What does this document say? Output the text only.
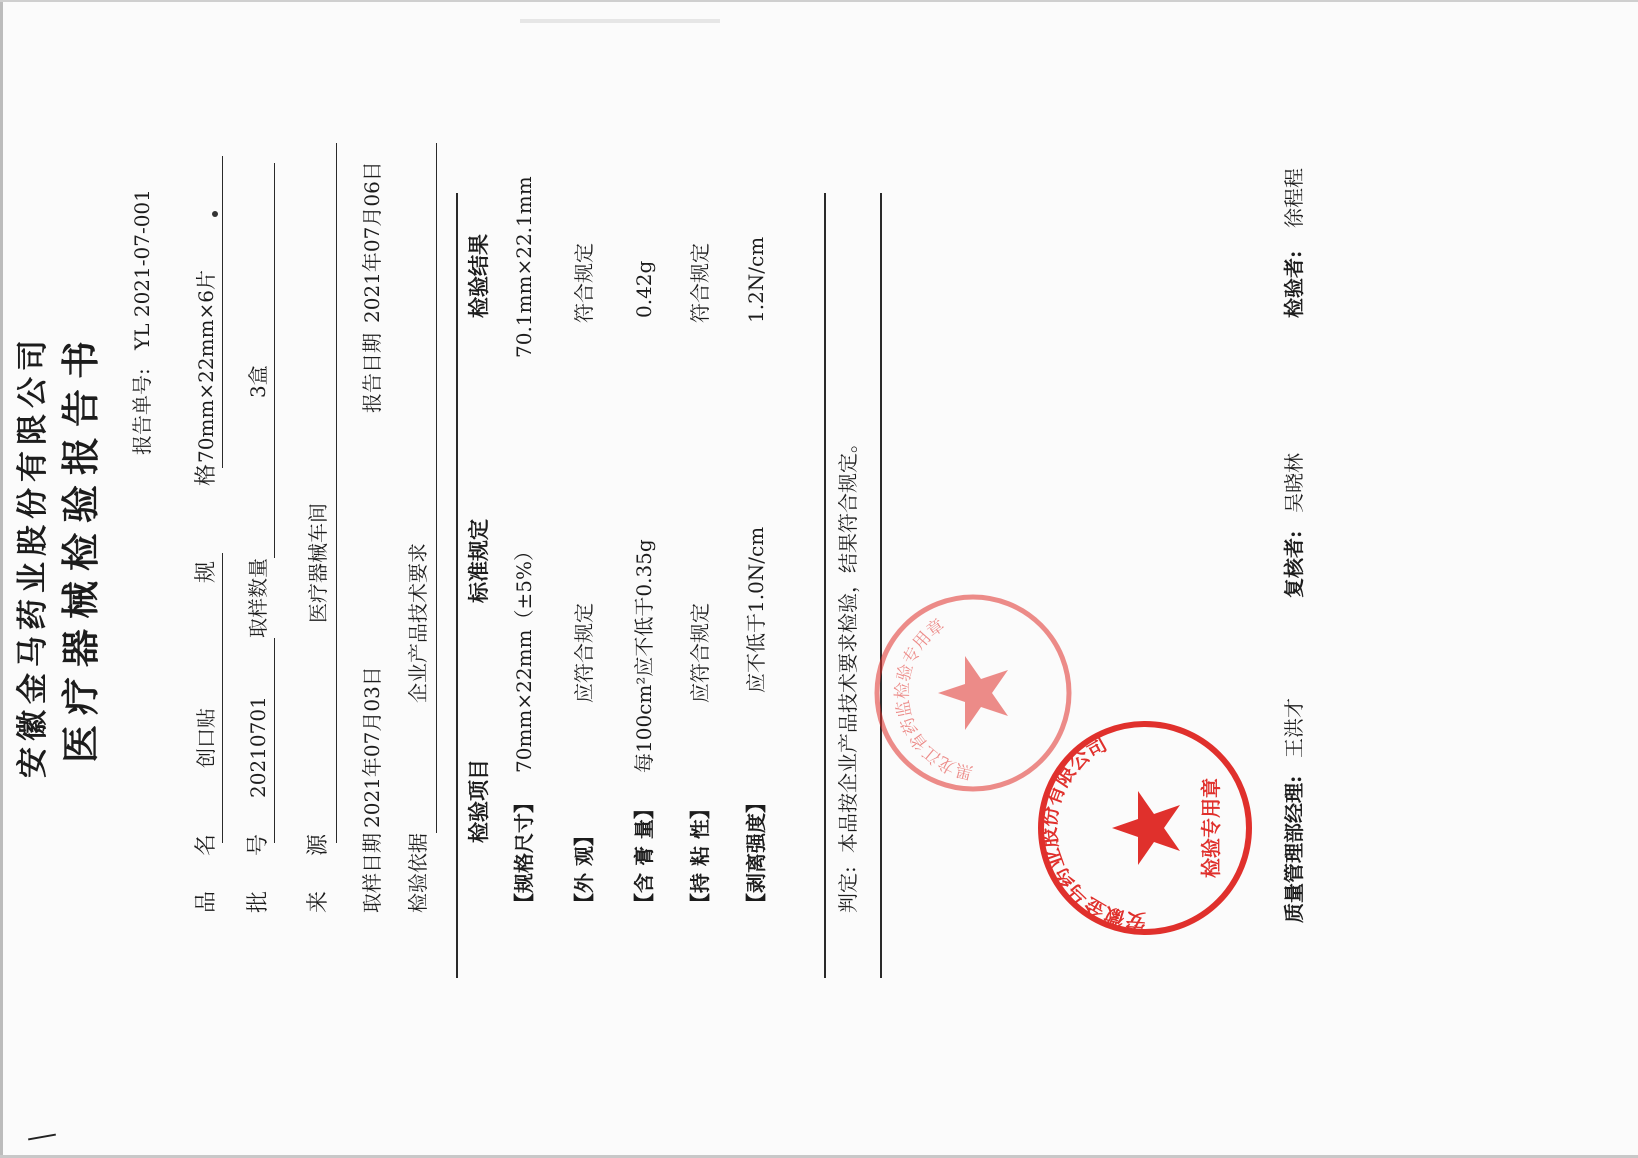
安徽金马药业股份有限公司 医疗器械检验报告书 报告单号:
YL 2021-07-001
品 名
创口贴
规 格
70mm×22mm×6片
批 号
20210701
取样数量
3盒
来 源
医疗器械车间
取样日期
2021年07月03日
报告日期
2021年07月06日
检验依据
企业产品技术要求
检验项目
标准规定
检验结果
【规格尺寸】
70mm×22mm（±5%）
70.1mm×22.1mm
【外 观】
应符合规定
符合规定
【含 膏 量】
每100cm²应不低于0.35g
0.42g
【持 粘 性】
应符合规定
符合规定
【剥离强度】
应不低于1.0N/cm
1.2N/cm
判定:
本品按企业产品技术要求检验，结果符合规定。	质量管理部经理:
王洪才
复核者:
吴晓林
检验者:
徐程程
黑龙江省药监检验专用章
安徽金马药业股份有限公司
检验专用章
